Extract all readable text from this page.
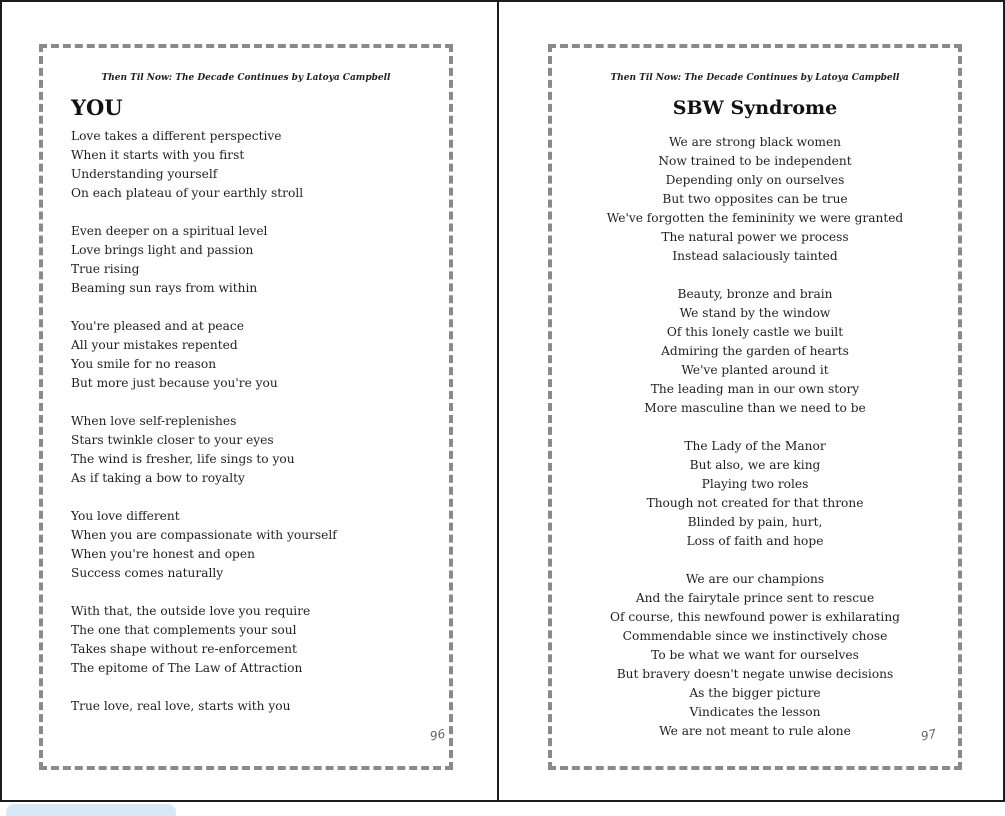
Then Til Now: The Decade Continues by Latoya Campbell
YOU
Love takes a different perspective
When it starts with you first
Understanding yourself
On each plateau of your earthly stroll
Even deeper on a spiritual level
Love brings light and passion
True rising
Beaming sun rays from within
You're pleased and at peace
All your mistakes repented
You smile for no reason
But more just because you're you
When love self-replenishes
Stars twinkle closer to your eyes
The wind is fresher, life sings to you
As if taking a bow to royalty
You love different
When you are compassionate with yourself
When you're honest and open
Success comes naturally
With that, the outside love you require
The one that complements your soul
Takes shape without re-enforcement
The epitome of The Law of Attraction
True love, real love, starts with you
96
Then Til Now: The Decade Continues by Latoya Campbell
SBW Syndrome
We are strong black women
Now trained to be independent
Depending only on ourselves
But two opposites can be true
We've forgotten the femininity we were granted
The natural power we process
Instead salaciously tainted
Beauty, bronze and brain
We stand by the window
Of this lonely castle we built
Admiring the garden of hearts
We've planted around it
The leading man in our own story
More masculine than we need to be
The Lady of the Manor
But also, we are king
Playing two roles
Though not created for that throne
Blinded by pain, hurt,
Loss of faith and hope
We are our champions
And the fairytale prince sent to rescue
Of course, this newfound power is exhilarating
Commendable since we instinctively chose
To be what we want for ourselves
But bravery doesn't negate unwise decisions
As the bigger picture
Vindicates the lesson
We are not meant to rule alone	97
